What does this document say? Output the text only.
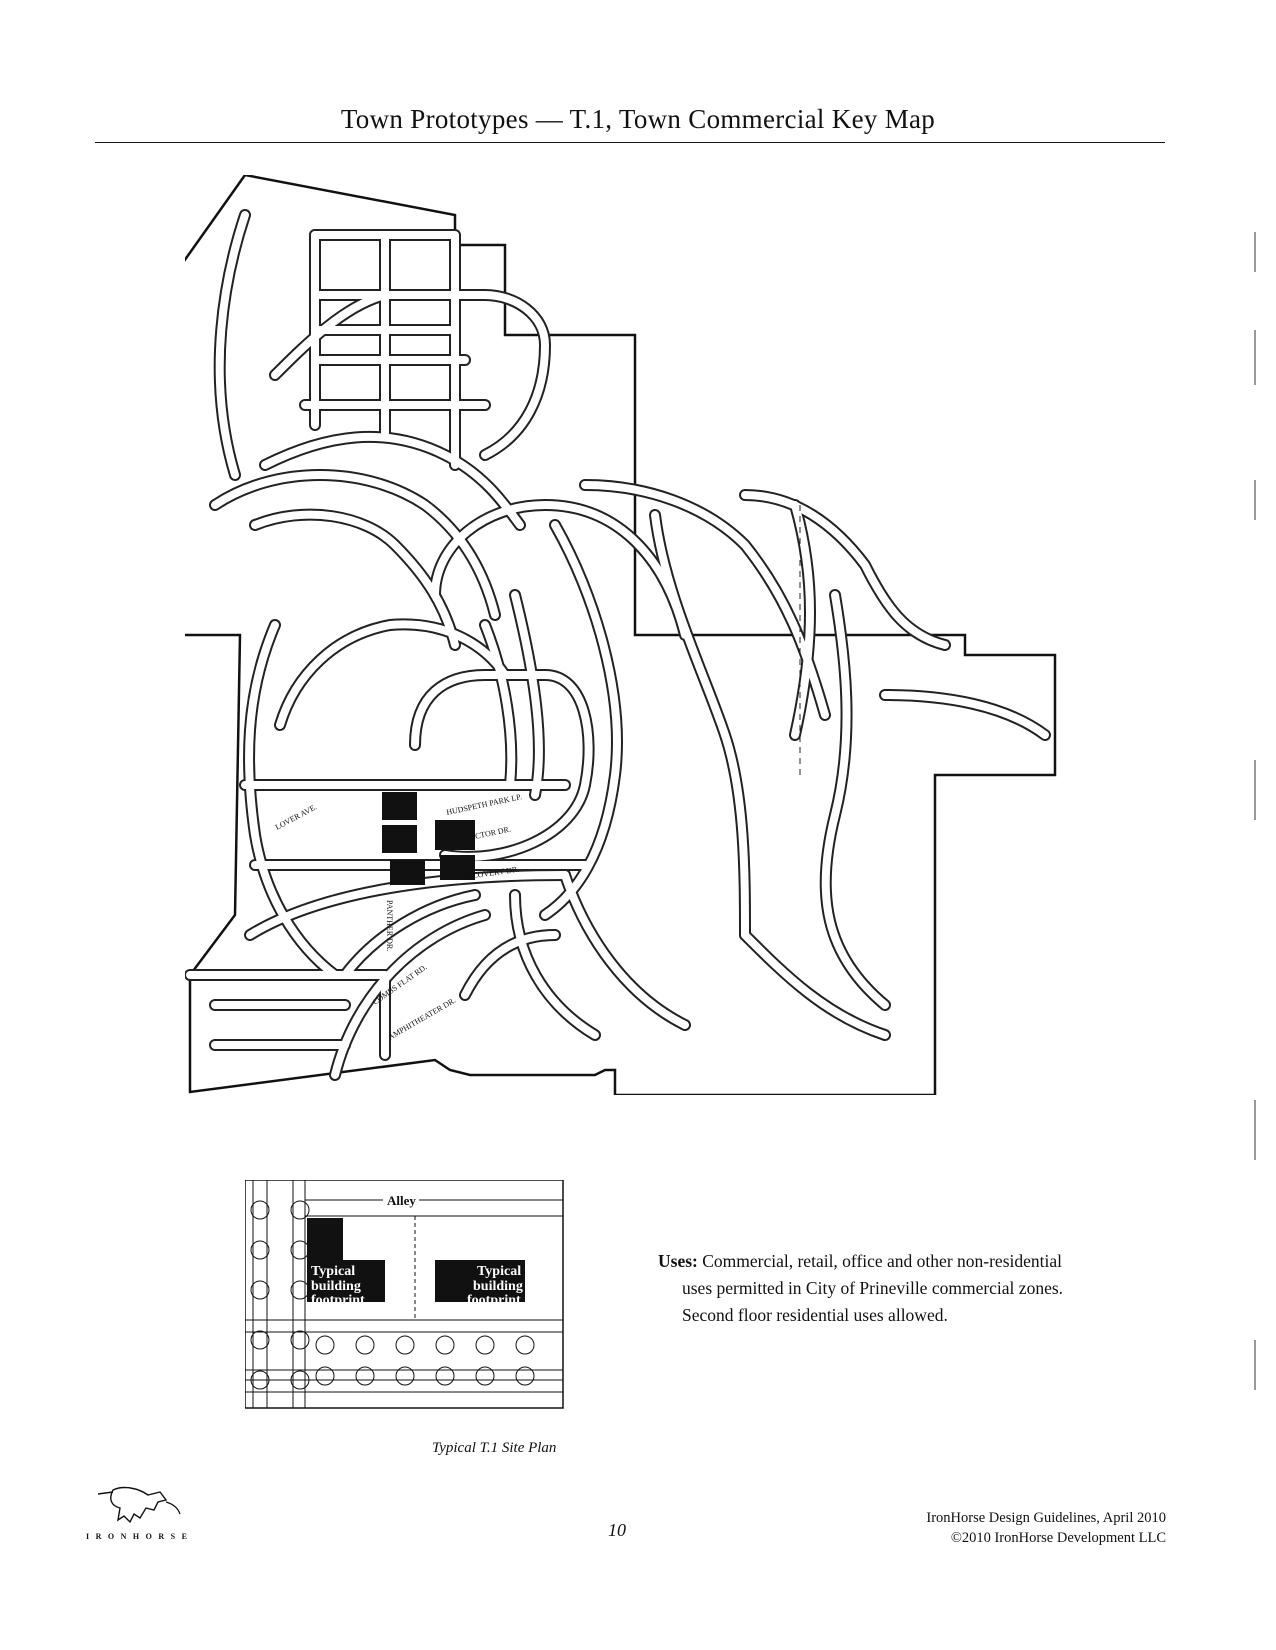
Town Prototypes — T.1, Town Commercial Key Map
HUDSPETH PARK LP.
PROSPECTOR DR.
DISCOVERY DR.
LOVER AVE.
PANTHER DR.
COMBS FLAT RD.
AMPHITHEATER DR.
Alley
Typical
building
footprint
Typical
building
footprint
Typical T.1 Site Plan
Uses: Commercial, retail, office and other non-residential
uses permitted in City of Prineville commercial zones.
Second floor residential uses allowed.
IRONHORSE	10
IronHorse Design Guidelines, April 2010
©2010 IronHorse Development LLC
